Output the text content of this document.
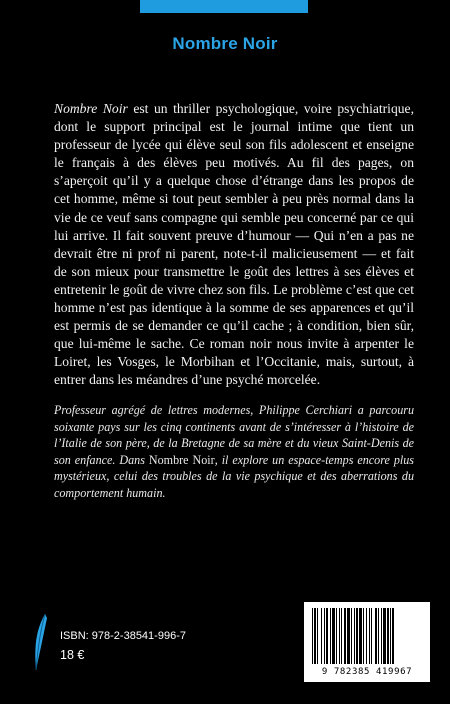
Nombre Noir

Nombre Noir est un thriller psychologique, voire psychiatrique, dont le support principal est le journal intime que tient un professeur de lycée qui élève seul son fils adolescent et enseigne le français à des élèves peu motivés. Au fil des pages, on s’aperçoit qu’il y a quelque chose d’étrange dans les propos de cet homme, même si tout peut sembler à peu près normal dans la vie de ce veuf sans compagne qui semble peu concerné par ce qui lui arrive. Il fait souvent preuve d’humour — Qui n’en a pas ne devrait être ni prof ni parent, note-t-il malicieusement — et fait de son mieux pour transmettre le goût des lettres à ses élèves et entretenir le goût de vivre chez son fils. Le problème c’est que cet homme n’est pas identique à la somme de ses apparences et qu’il est permis de se demander ce qu’il cache ; à condition, bien sûr, que lui-même le sache. Ce roman noir nous invite à arpenter le Loiret, les Vosges, le Morbihan et l’Occitanie, mais, surtout, à entrer dans les méandres d’une psyché morcelée.

Professeur agrégé de lettres modernes, Philippe Cerchiari a parcouru soixante pays sur les cinq continents avant de s’intéresser à l’histoire de l’Italie de son père, de la Bretagne de sa mère et du vieux Saint-Denis de son enfance. Dans Nombre Noir, il explore un espace-temps encore plus mystérieux, celui des troubles de la vie psychique et des aberrations du comportement humain.

ISBN: 978-2-38541-996-7
18 €
9 782385 419967
